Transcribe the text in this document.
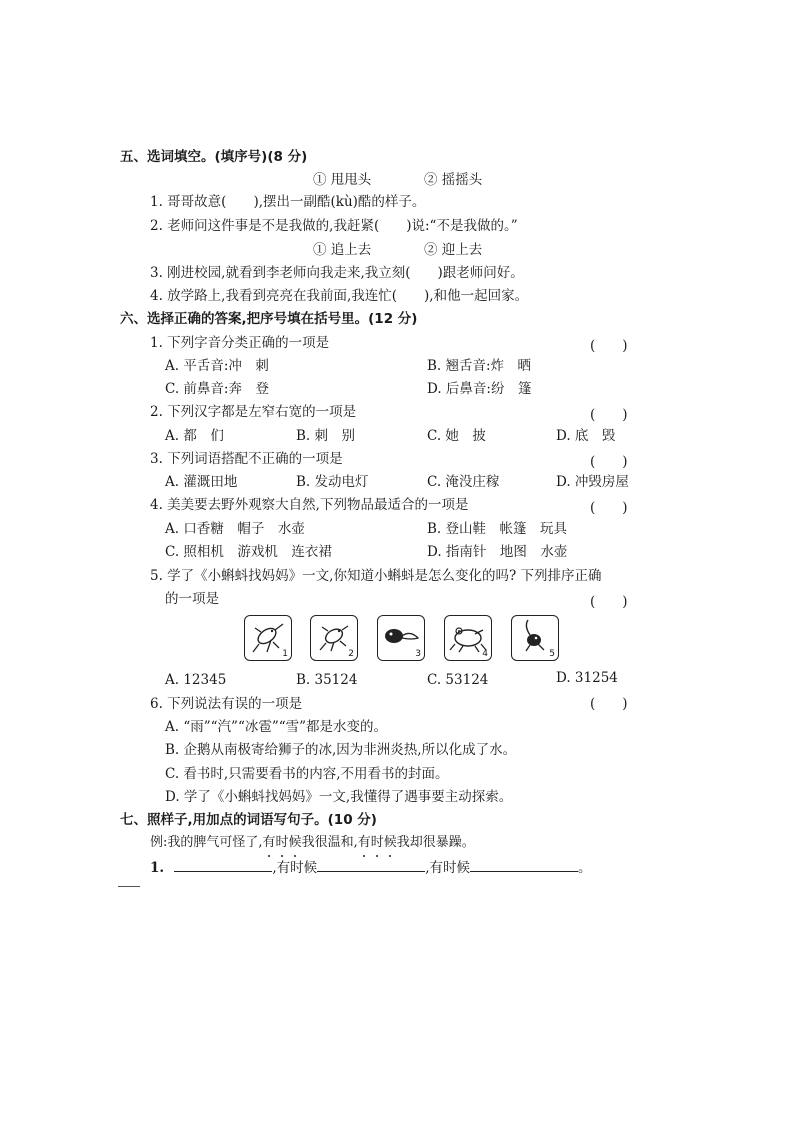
五、选词填空。(填序号)(8 分)
① 甩甩头	② 摇摇头
1. 哥哥故意(　　),摆出一副酷(kù)酷的样子。
2. 老师问这件事是不是我做的,我赶紧(　　)说:“不是我做的。”
① 追上去	② 迎上去
3. 刚进校园,就看到李老师向我走来,我立刻(　　)跟老师问好。
4. 放学路上,我看到亮亮在我前面,我连忙(　　),和他一起回家。
六、选择正确的答案,把序号填在括号里。(12 分)
1. 下列字音分类正确的一项是	(　　)
A. 平舌音:冲　刺	B. 翘舌音:炸　晒
C. 前鼻音:奔　登	D. 后鼻音:纷　篷
2. 下列汉字都是左窄右宽的一项是	(　　)
A. 都　们	B. 刺　别	C. 她　披	D. 底　毁
3. 下列词语搭配不正确的一项是	(　　)
A. 灌溉田地	B. 发动电灯	C. 淹没庄稼	D. 冲毁房屋
4. 美美要去野外观察大自然,下列物品最适合的一项是	(　　)
A. 口香糖　帽子　水壶	B. 登山鞋　帐篷　玩具
C. 照相机　游戏机　连衣裙	D. 指南针　地图　水壶
5. 学了《小蝌蚪找妈妈》一文,你知道小蝌蚪是怎么变化的吗? 下列排序正确
的一项是	(　　)
1	2	3	4	5
A. 12345	B. 35124	C. 53124	D. 31254
6. 下列说法有误的一项是	(　　)
A. “雨”“汽”“冰雹”“雪”都是水变的。
B. 企鹅从南极寄给狮子的冰,因为非洲炎热,所以化成了水。
C. 看书时,只需要看书的内容,不用看书的封面。
D. 学了《小蝌蚪找妈妈》一文,我懂得了遇事要主动探索。
七、照样子,用加点的词语写句子。(10 分)
例:我的脾气可怪了,有时候我很温和,有时候我却很暴躁。
1.	,有时候	,有时候	。
